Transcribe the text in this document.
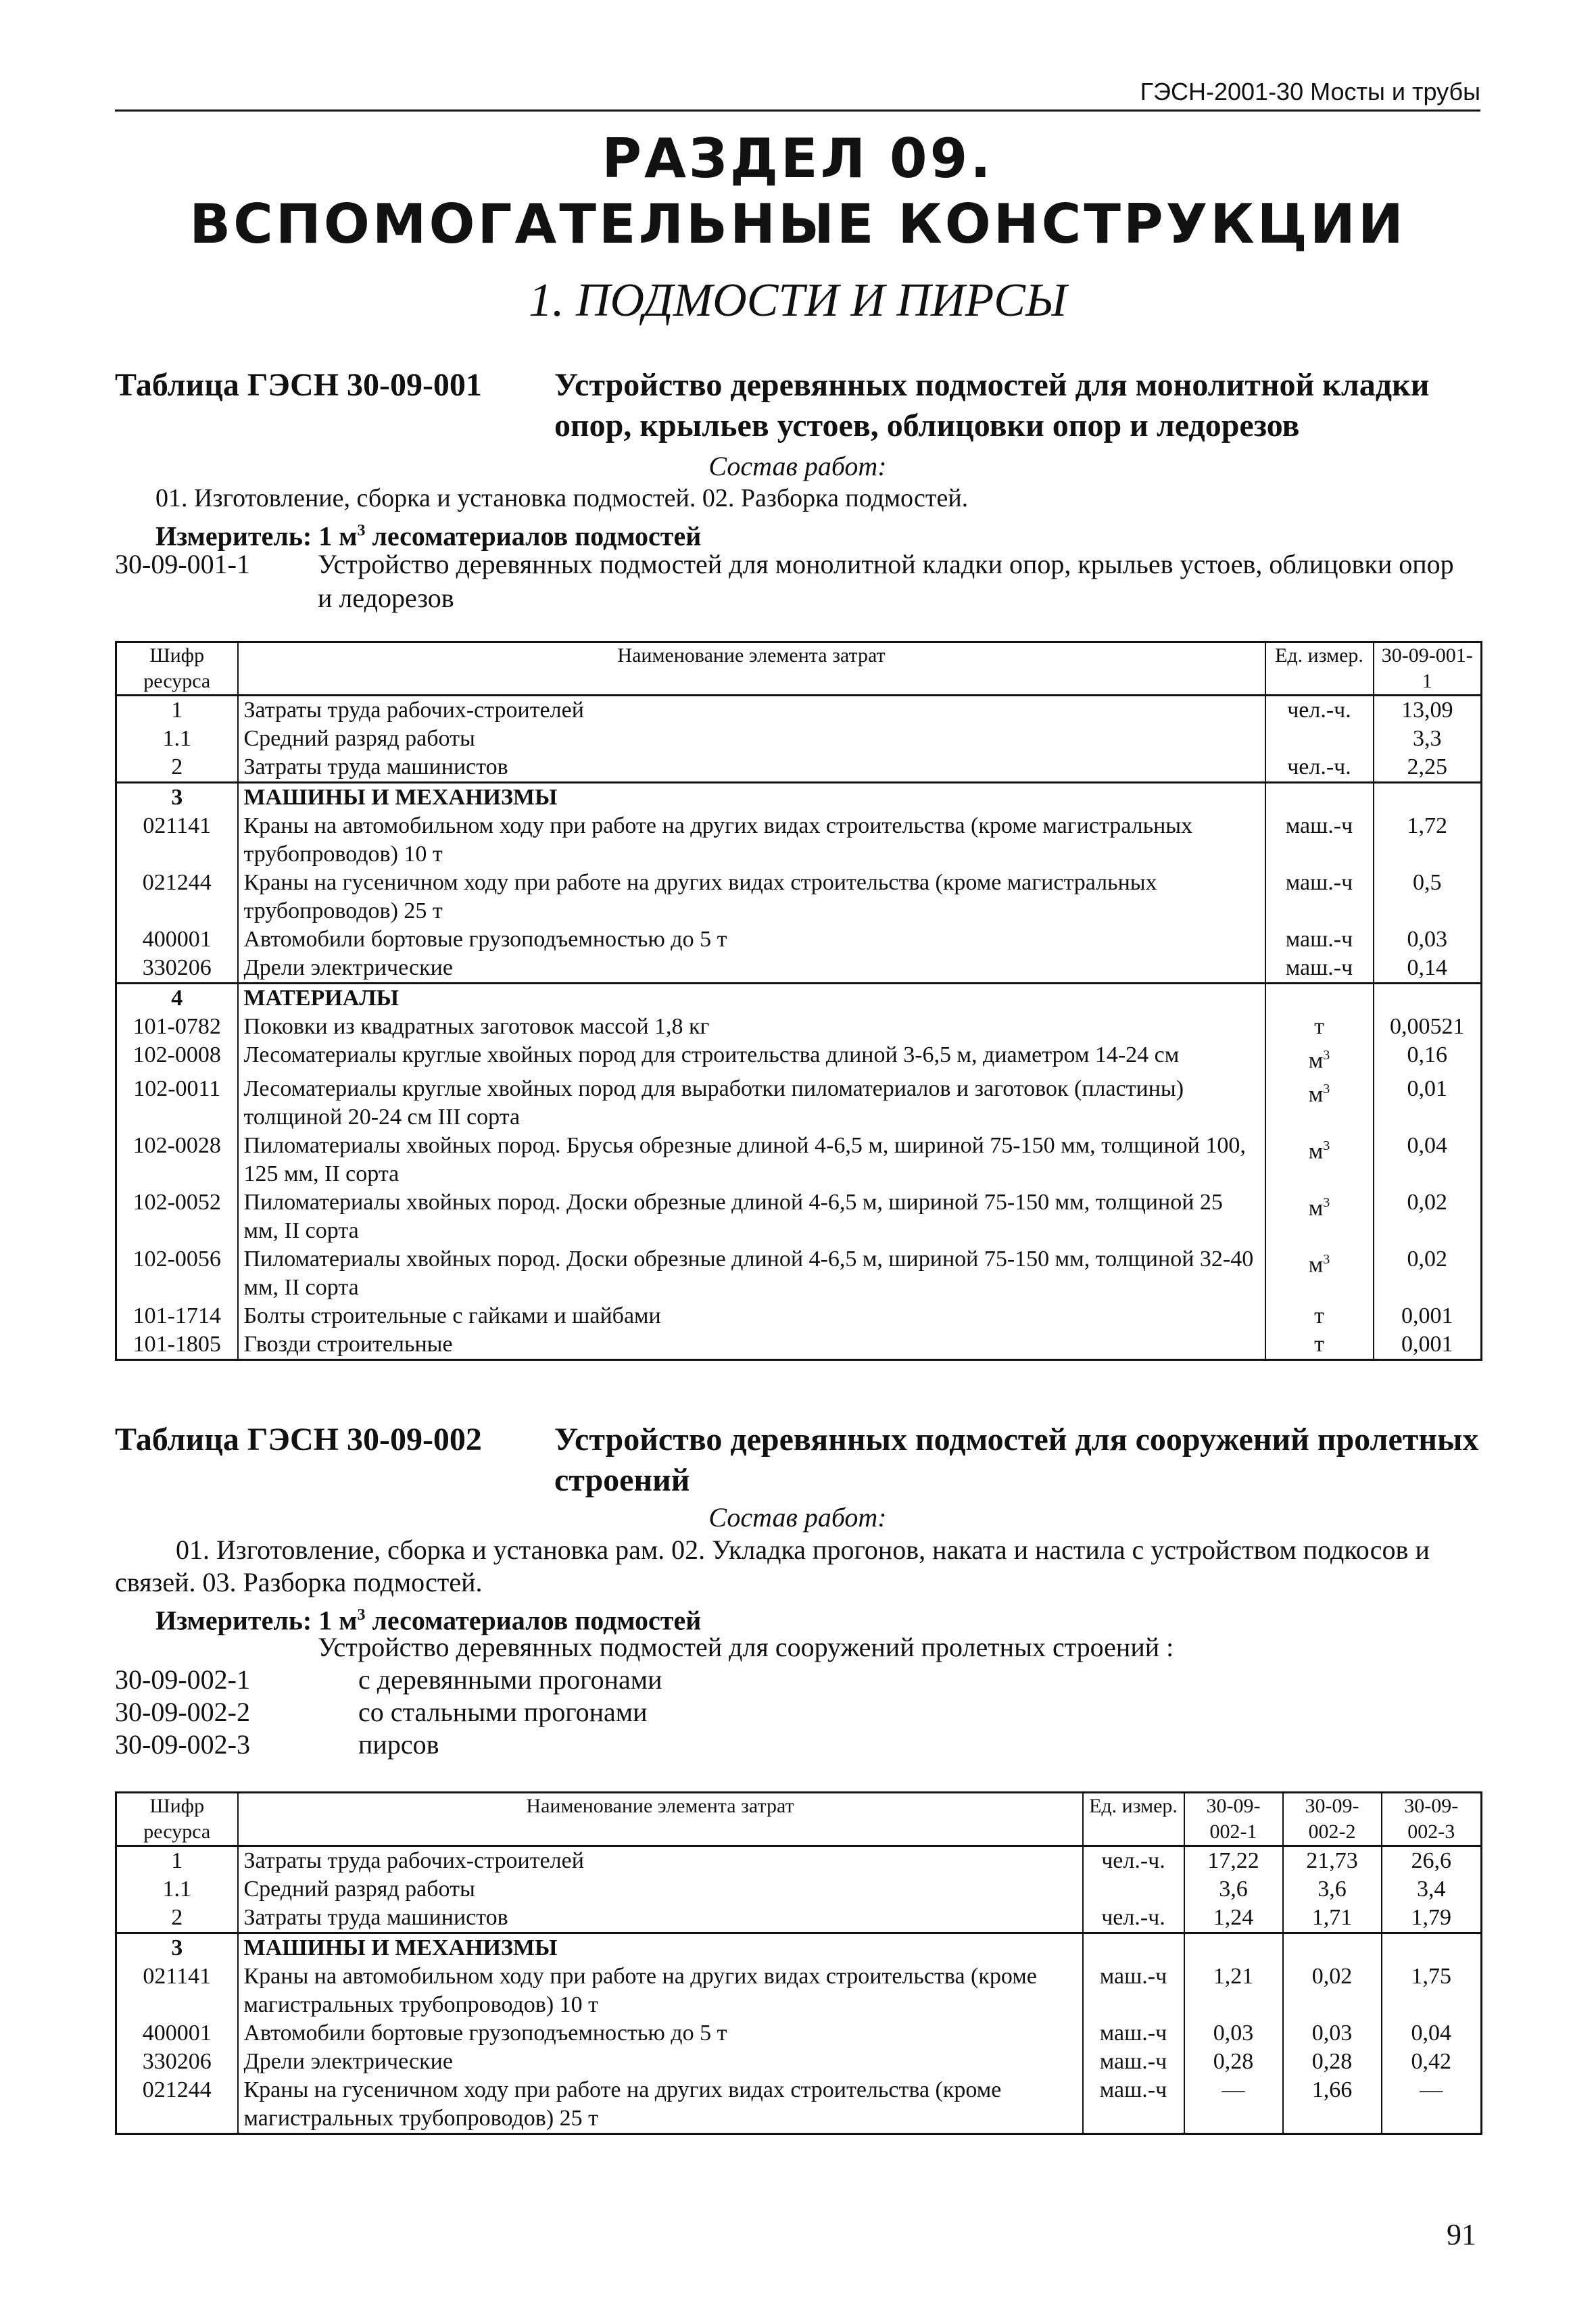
ГЭСН-2001-30 Мосты и трубы
РАЗДЕЛ 09.
ВСПОМОГАТЕЛЬНЫЕ КОНСТРУКЦИИ
1. ПОДМОСТИ И ПИРСЫ
Таблица ГЭСН 30-09-001 Устройство деревянных подмостей для монолитной кладки опор, крыльев устоев, облицовки опор и ледорезов
Состав работ:
01. Изготовление, сборка и установка подмостей. 02. Разборка подмостей.
Измеритель: 1 $м^3$ лесоматериалов подмостей
30-09-001-1	Устройство деревянных подмостей для монолитной кладки опор, крыльев устоев, облицовки опор и ледорезов
Шифр ресурса	Наименование элемента затрат	Ед. измер.	30-09-001-1
1	Затраты труда рабочих-строителей	чел.-ч.	13,09
1.1	Средний разряд работы		3,3
2	Затраты труда машинистов	чел.-ч.	2,25
3	МАШИНЫ И МЕХАНИЗМЫ		
021141	Краны на автомобильном ходу при работе на других видах строительства (кроме магистральных трубопроводов) 10 т	маш.-ч	1,72
021244	Краны на гусеничном ходу при работе на других видах строительства (кроме магистральных трубопроводов) 25 т	маш.-ч	0,5
400001	Автомобили бортовые грузоподъемностью до 5 т	маш.-ч	0,03
330206	Дрели электрические	маш.-ч	0,14
4	МАТЕРИАЛЫ		
101-0782	Поковки из квадратных заготовок массой 1,8 кг	т	0,00521
102-0008	Лесоматериалы круглые хвойных пород для строительства длиной 3-6,5 м, диаметром 14-24 см	$м^3$	0,16
102-0011	Лесоматериалы круглые хвойных пород для выработки пиломатериалов и заготовок (пластины) толщиной 20-24 см III сорта	$м^3$	0,01
102-0028	Пиломатериалы хвойных пород. Брусья обрезные длиной 4-6,5 м, шириной 75-150 мм, толщиной 100, 125 мм, II сорта	$м^3$	0,04
102-0052	Пиломатериалы хвойных пород. Доски обрезные длиной 4-6,5 м, шириной 75-150 мм, толщиной 25 мм, II сорта	$м^3$	0,02
102-0056	Пиломатериалы хвойных пород. Доски обрезные длиной 4-6,5 м, шириной 75-150 мм, толщиной 32-40 мм, II сорта	$м^3$	0,02
101-1714	Болты строительные с гайками и шайбами	т	0,001
101-1805	Гвозди строительные	т	0,001
Таблица ГЭСН 30-09-002 Устройство деревянных подмостей для сооружений пролетных строений
Состав работ:
01. Изготовление, сборка и установка рам. 02. Укладка прогонов, наката и настила с устройством подкосов и
связей. 03. Разборка подмостей.
Измеритель: 1 $м^3$ лесоматериалов подмостей
Устройство деревянных подмостей для сооружений пролетных строений :
30-09-002-1	с деревянными прогонами
30-09-002-2	со стальными прогонами
30-09-002-3	пирсов
Шифр ресурса	Наименование элемента затрат	Ед. измер.	30-09-002-1	30-09-002-2	30-09-002-3
1	Затраты труда рабочих-строителей	чел.-ч.	17,22	21,73	26,6
1.1	Средний разряд работы		3,6	3,6	3,4
2	Затраты труда машинистов	чел.-ч.	1,24	1,71	1,79
3	МАШИНЫ И МЕХАНИЗМЫ				
021141	Краны на автомобильном ходу при работе на других видах строительства (кроме магистральных трубопроводов) 10 т	маш.-ч	1,21	0,02	1,75
400001	Автомобили бортовые грузоподъемностью до 5 т	маш.-ч	0,03	0,03	0,04
330206	Дрели электрические	маш.-ч	0,28	0,28	0,42
021244	Краны на гусеничном ходу при работе на других видах строительства (кроме магистральных трубопроводов) 25 т	маш.-ч	—	1,66	—
91
